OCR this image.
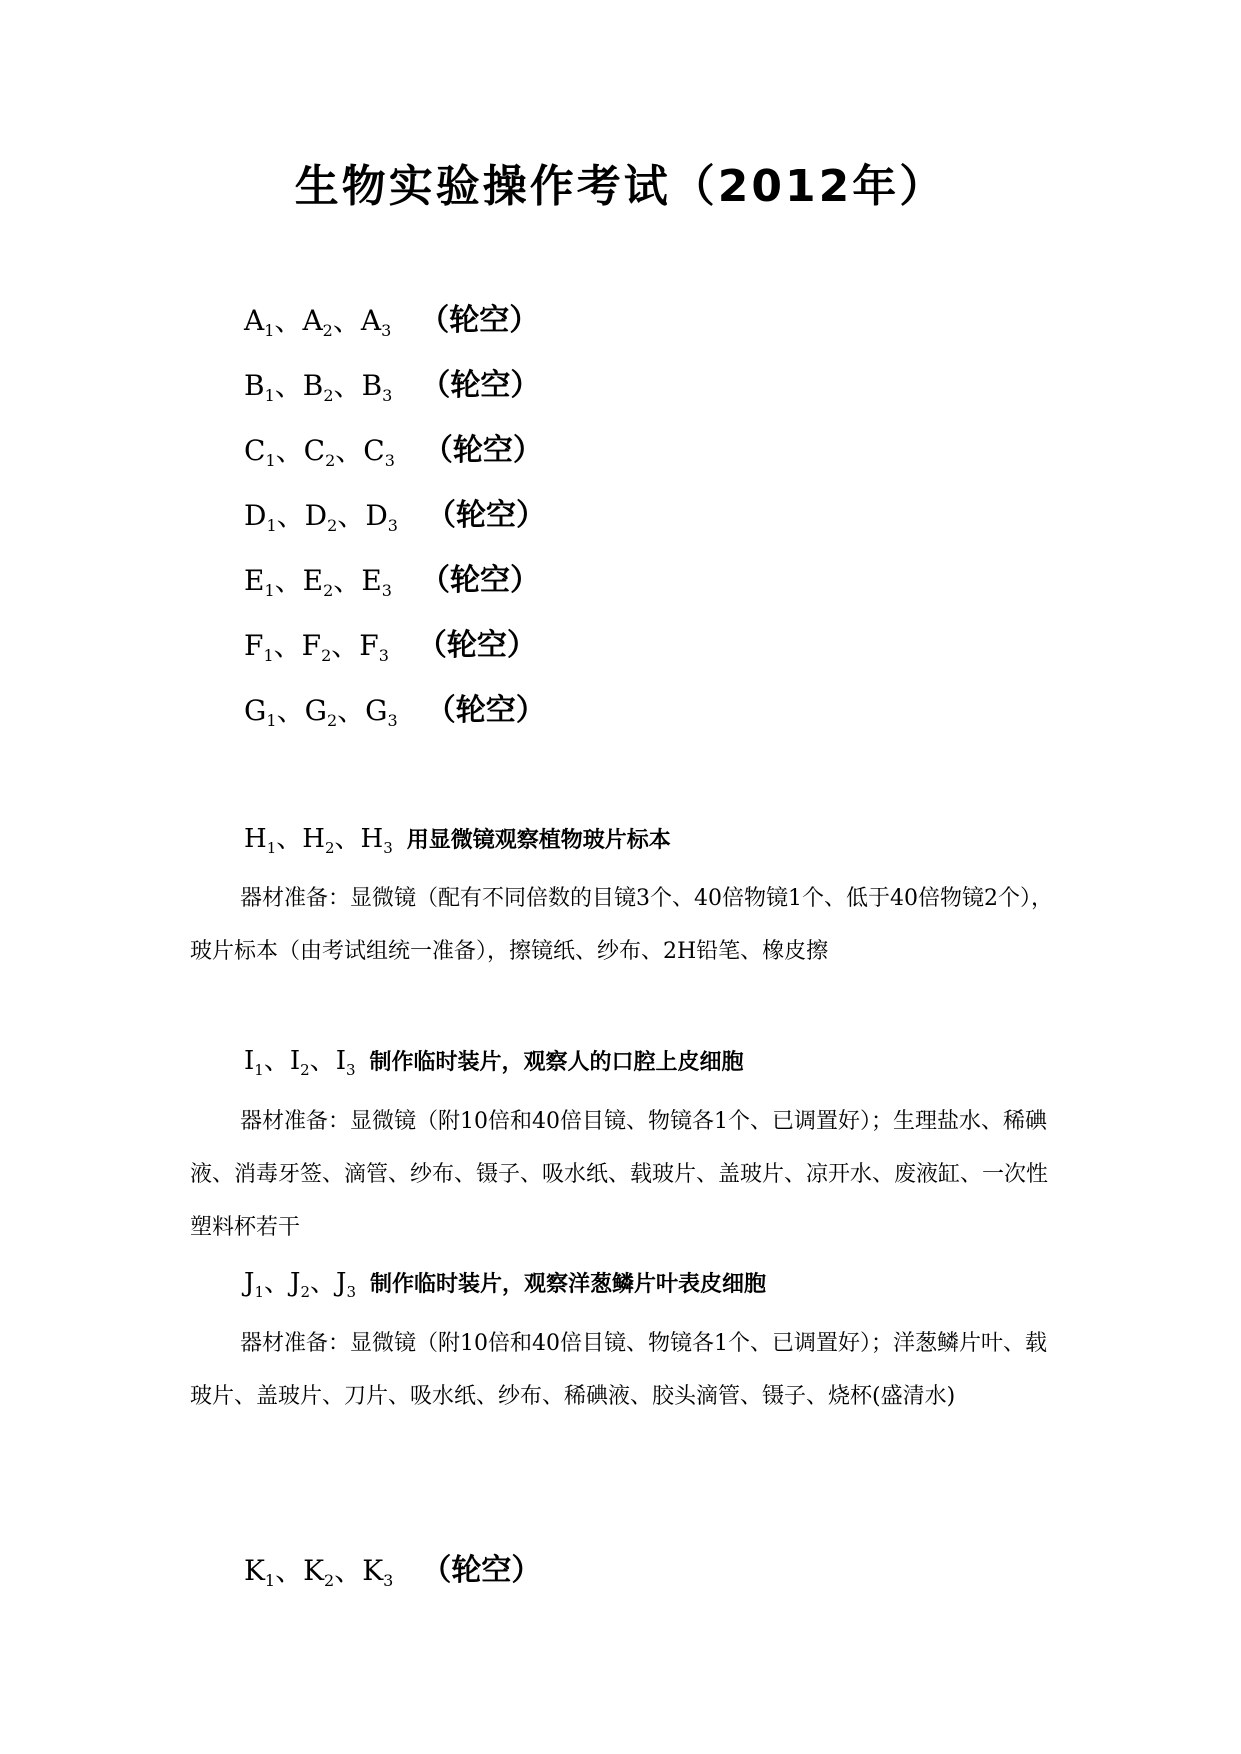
生物实验操作考试（2012年）
$A_1$、$A_2$、$A_3$ （轮空）
$B_1$、$B_2$、$B_3$ （轮空）
$C_1$、$C_2$、$C_3$ （轮空）
$D_1$、$D_2$、$D_3$ （轮空）
$E_1$、$E_2$、$E_3$ （轮空）
$F_1$、$F_2$、$F_3$ （轮空）
$G_1$、$G_2$、$G_3$ （轮空）
$H_1$、$H_2$、$H_3$ 用显微镜观察植物玻片标本
器材准备：显微镜（配有不同倍数的目镜3个、40倍物镜1个、低于40倍物镜2个），玻片标本（由考试组统一准备），擦镜纸、纱布、2H铅笔、橡皮擦
$I_1$、$I_2$、$I_3$ 制作临时装片，观察人的口腔上皮细胞
器材准备：显微镜（附10倍和40倍目镜、物镜各1个、已调置好）；生理盐水、稀碘液、消毒牙签、滴管、纱布、镊子、吸水纸、载玻片、盖玻片、凉开水、废液缸、一次性塑料杯若干
$J_1$、$J_2$、$J_3$ 制作临时装片，观察洋葱鳞片叶表皮细胞
器材准备：显微镜（附10倍和40倍目镜、物镜各1个、已调置好）；洋葱鳞片叶、载玻片、盖玻片、刀片、吸水纸、纱布、稀碘液、胶头滴管、镊子、烧杯(盛清水)
$K_1$、$K_2$、$K_3$ （轮空）
